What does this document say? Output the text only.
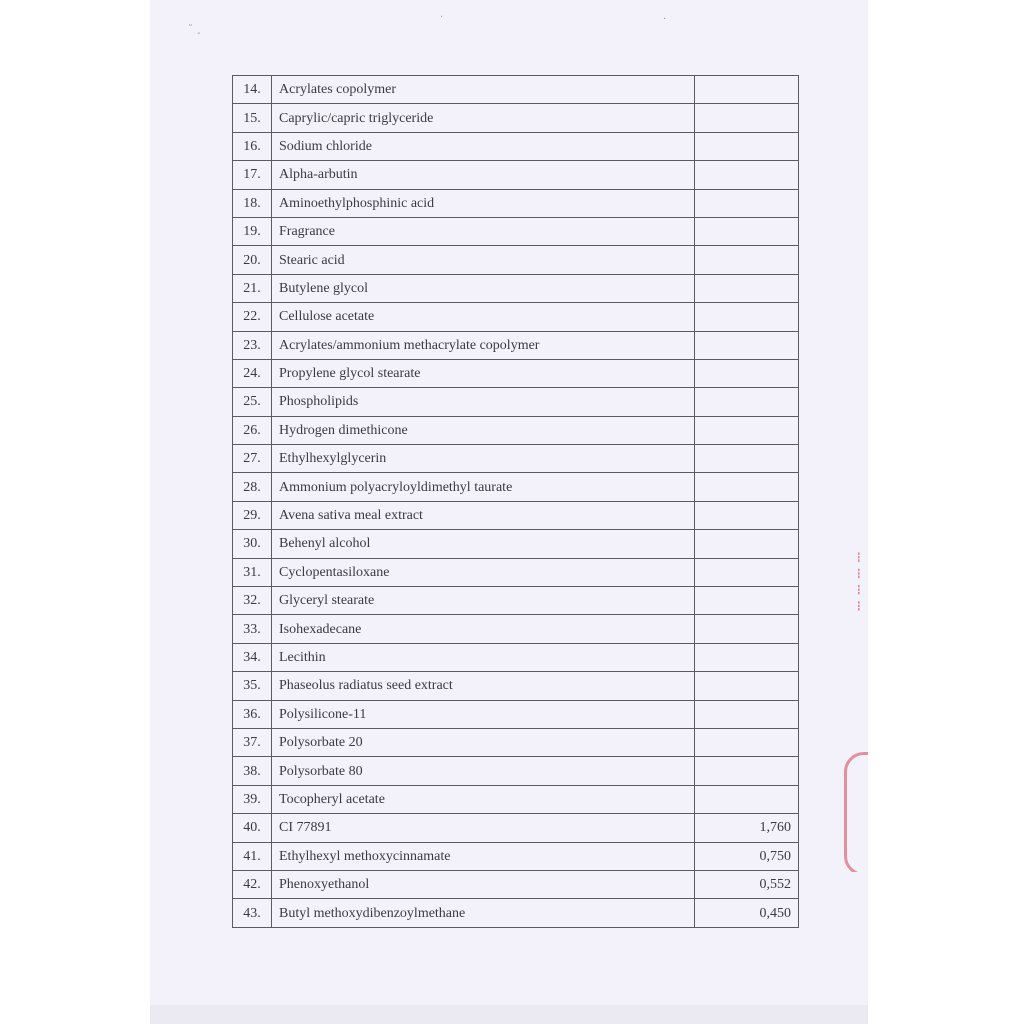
˘ ¸
·	·
14.	Acrylates copolymer	
15.	Caprylic/capric triglyceride	
16.	Sodium chloride	
17.	Alpha-arbutin	
18.	Aminoethylphosphinic acid	
19.	Fragrance	
20.	Stearic acid	
21.	Butylene glycol	
22.	Cellulose acetate	
23.	Acrylates/ammonium methacrylate copolymer	
24.	Propylene glycol stearate	
25.	Phospholipids	
26.	Hydrogen dimethicone	
27.	Ethylhexylglycerin	
28.	Ammonium polyacryloyldimethyl taurate	
29.	Avena sativa meal extract	
30.	Behenyl alcohol	
31.	Cyclopentasiloxane	
32.	Glyceryl stearate	
33.	Isohexadecane	
34.	Lecithin	
35.	Phaseolus radiatus seed extract	
36.	Polysilicone-11	
37.	Polysorbate 20	
38.	Polysorbate 80	
39.	Tocopheryl acetate	
40.	CI 77891	1,760
41.	Ethylhexyl methoxycinnamate	0,750
42.	Phenoxyethanol	0,552
43.	Butyl methoxydibenzoylmethane	0,450
┄┄┄┄
